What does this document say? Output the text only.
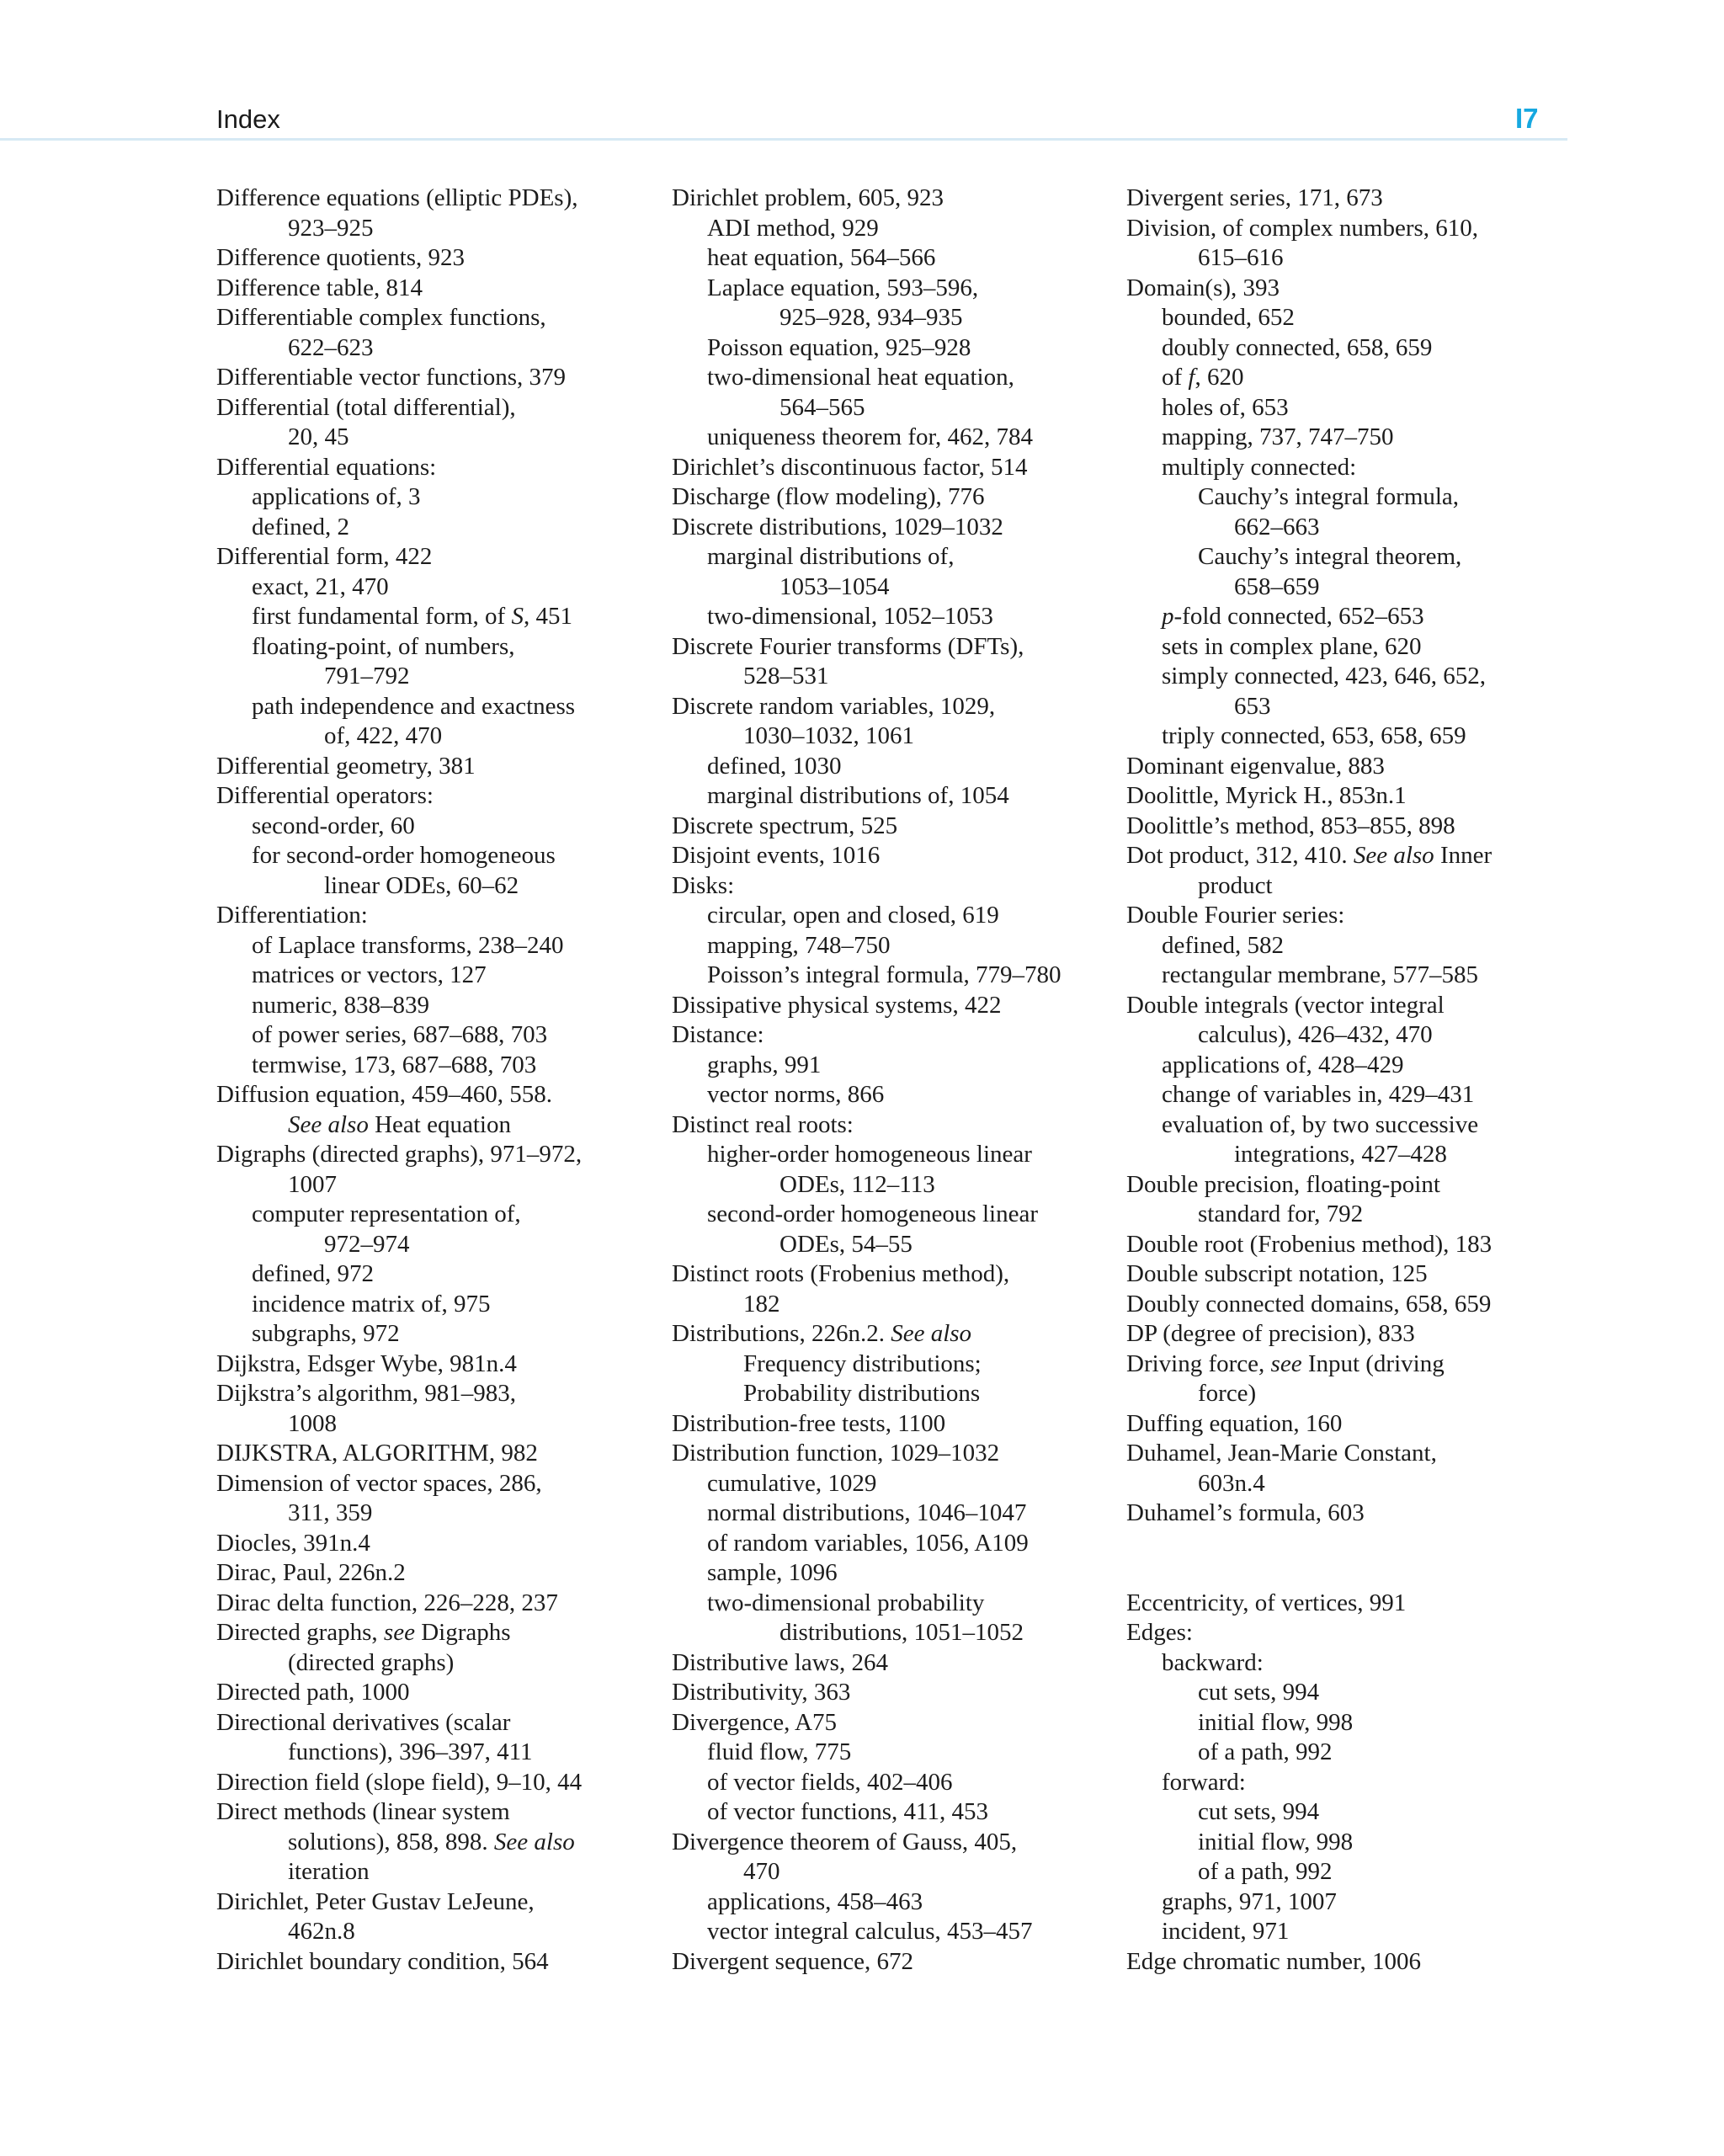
Index	I7
Difference equations (elliptic PDEs),
923–925
Difference quotients, 923
Difference table, 814
Differentiable complex functions,
622–623
Differentiable vector functions, 379
Differential (total differential),
20, 45
Differential equations:
applications of, 3
defined, 2
Differential form, 422
exact, 21, 470
first fundamental form, of S, 451
floating-point, of numbers,
791–792
path independence and exactness
of, 422, 470
Differential geometry, 381
Differential operators:
second-order, 60
for second-order homogeneous
linear ODEs, 60–62
Differentiation:
of Laplace transforms, 238–240
matrices or vectors, 127
numeric, 838–839
of power series, 687–688, 703
termwise, 173, 687–688, 703
Diffusion equation, 459–460, 558.
See also Heat equation
Digraphs (directed graphs), 971–972,
1007
computer representation of,
972–974
defined, 972
incidence matrix of, 975
subgraphs, 972
Dijkstra, Edsger Wybe, 981n.4
Dijkstra’s algorithm, 981–983,
1008
DIJKSTRA, ALGORITHM, 982
Dimension of vector spaces, 286,
311, 359
Diocles, 391n.4
Dirac, Paul, 226n.2
Dirac delta function, 226–228, 237
Directed graphs, see Digraphs
(directed graphs)
Directed path, 1000
Directional derivatives (scalar
functions), 396–397, 411
Direction field (slope field), 9–10, 44
Direct methods (linear system
solutions), 858, 898. See also
iteration
Dirichlet, Peter Gustav LeJeune,
462n.8
Dirichlet boundary condition, 564
Dirichlet problem, 605, 923
ADI method, 929
heat equation, 564–566
Laplace equation, 593–596,
925–928, 934–935
Poisson equation, 925–928
two-dimensional heat equation,
564–565
uniqueness theorem for, 462, 784
Dirichlet’s discontinuous factor, 514
Discharge (flow modeling), 776
Discrete distributions, 1029–1032
marginal distributions of,
1053–1054
two-dimensional, 1052–1053
Discrete Fourier transforms (DFTs),
528–531
Discrete random variables, 1029,
1030–1032, 1061
defined, 1030
marginal distributions of, 1054
Discrete spectrum, 525
Disjoint events, 1016
Disks:
circular, open and closed, 619
mapping, 748–750
Poisson’s integral formula, 779–780
Dissipative physical systems, 422
Distance:
graphs, 991
vector norms, 866
Distinct real roots:
higher-order homogeneous linear
ODEs, 112–113
second-order homogeneous linear
ODEs, 54–55
Distinct roots (Frobenius method),
182
Distributions, 226n.2. See also
Frequency distributions;
Probability distributions
Distribution-free tests, 1100
Distribution function, 1029–1032
cumulative, 1029
normal distributions, 1046–1047
of random variables, 1056, A109
sample, 1096
two-dimensional probability
distributions, 1051–1052
Distributive laws, 264
Distributivity, 363
Divergence, A75
fluid flow, 775
of vector fields, 402–406
of vector functions, 411, 453
Divergence theorem of Gauss, 405,
470
applications, 458–463
vector integral calculus, 453–457
Divergent sequence, 672
Divergent series, 171, 673
Division, of complex numbers, 610,
615–616
Domain(s), 393
bounded, 652
doubly connected, 658, 659
of f, 620
holes of, 653
mapping, 737, 747–750
multiply connected:
Cauchy’s integral formula,
662–663
Cauchy’s integral theorem,
658–659
p-fold connected, 652–653
sets in complex plane, 620
simply connected, 423, 646, 652,
653
triply connected, 653, 658, 659
Dominant eigenvalue, 883
Doolittle, Myrick H., 853n.1
Doolittle’s method, 853–855, 898
Dot product, 312, 410. See also Inner
product
Double Fourier series:
defined, 582
rectangular membrane, 577–585
Double integrals (vector integral
calculus), 426–432, 470
applications of, 428–429
change of variables in, 429–431
evaluation of, by two successive
integrations, 427–428
Double precision, floating-point
standard for, 792
Double root (Frobenius method), 183
Double subscript notation, 125
Doubly connected domains, 658, 659
DP (degree of precision), 833
Driving force, see Input (driving
force)
Duffing equation, 160
Duhamel, Jean-Marie Constant,
603n.4
Duhamel’s formula, 603
Eccentricity, of vertices, 991
Edges:
backward:
cut sets, 994
initial flow, 998
of a path, 992
forward:
cut sets, 994
initial flow, 998
of a path, 992
graphs, 971, 1007
incident, 971
Edge chromatic number, 1006
